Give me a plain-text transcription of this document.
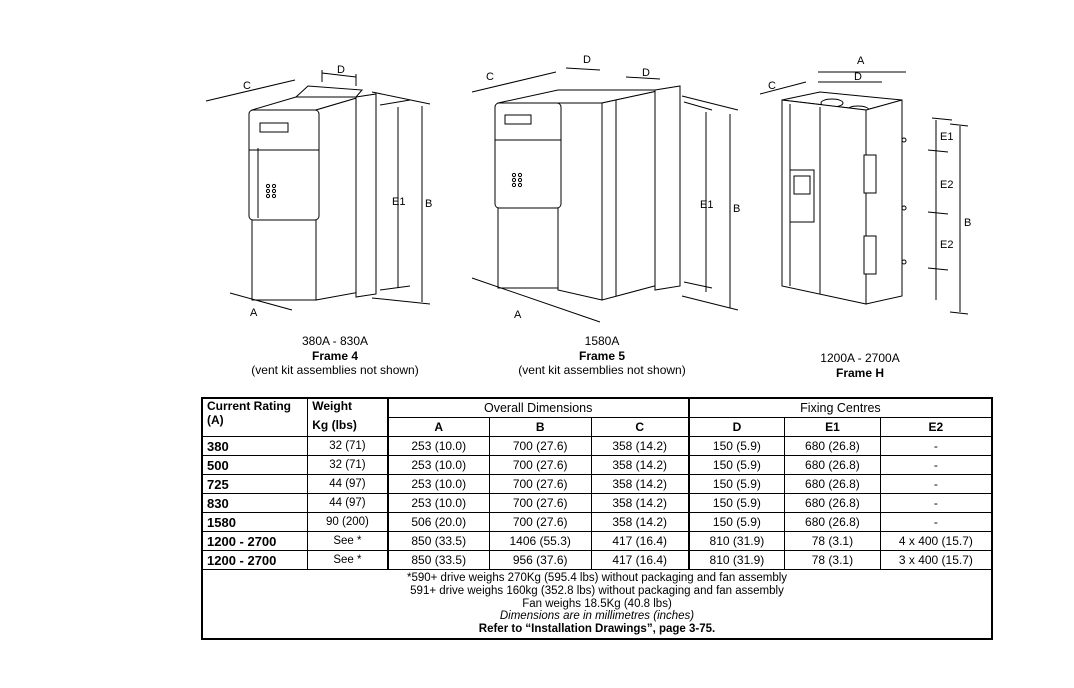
C
D
A
E1 B
C
D
D
A
E1 B
A
D
C
E1
E2
E2
B
380A - 830A
Frame 4
(vent kit assemblies not shown)
1580A
Frame 5
(vent kit assemblies not shown)
1200A - 2700A
Frame H
Current Rating (A)	Weight	Overall Dimensions			Fixing Centres		
	Kg (lbs)	A	B	C	D	E1	E2
380	32 (71)	253 (10.0)	700 (27.6)	358 (14.2)	150 (5.9)	680 (26.8)	-
500	32 (71)	253 (10.0)	700 (27.6)	358 (14.2)	150 (5.9)	680 (26.8)	-
725	44 (97)	253 (10.0)	700 (27.6)	358 (14.2)	150 (5.9)	680 (26.8)	-
830	44 (97)	253 (10.0)	700 (27.6)	358 (14.2)	150 (5.9)	680 (26.8)	-
1580	90 (200)	506 (20.0)	700 (27.6)	358 (14.2)	150 (5.9)	680 (26.8)	-
1200 - 2700	See *	850 (33.5)	1406 (55.3)	417 (16.4)	810 (31.9)	78 (3.1)	4 x 400 (15.7)
1200 - 2700	See *	850 (33.5)	956 (37.6)	417 (16.4)	810 (31.9)	78 (3.1)	3 x 400 (15.7)

*590+ drive weighs 270Kg (595.4 lbs) without packaging and fan assembly
591+ drive weighs 160kg (352.8 lbs) without packaging and fan assembly
Fan weighs 18.5Kg (40.8 lbs)
Dimensions are in millimetres (inches)
Refer to “Installation Drawings”, page 3-75.							
